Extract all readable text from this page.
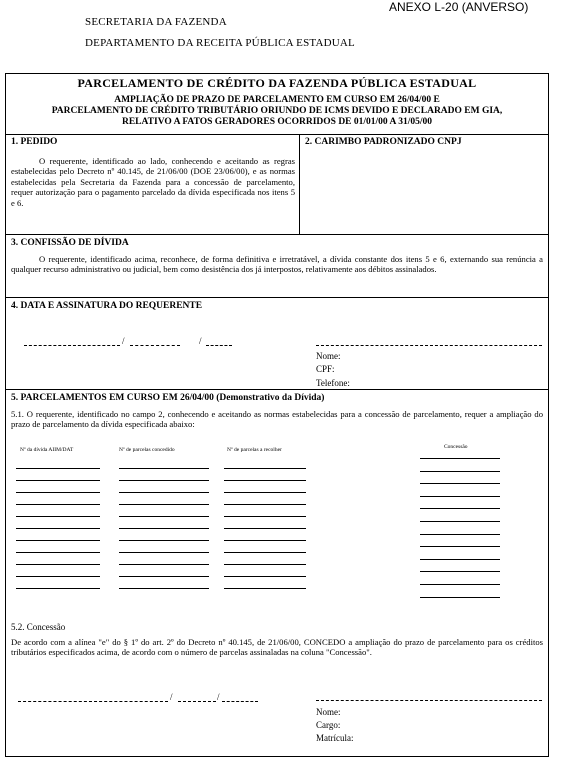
ANEXO L-20 (ANVERSO)
SECRETARIA DA FAZENDA
DEPARTAMENTO DA RECEITA PÚBLICA ESTADUAL
PARCELAMENTO DE CRÉDITO DA FAZENDA PÚBLICA ESTADUAL
AMPLIAÇÃO DE PRAZO DE PARCELAMENTO EM CURSO EM 26/04/00 E
PARCELAMENTO DE CRÉDITO TRIBUTÁRIO ORIUNDO DE ICMS DEVIDO E DECLARADO EM GIA,
RELATIVO A FATOS GERADORES OCORRIDOS DE 01/01/00 A 31/05/00
1. PEDIDO
O requerente, identificado ao lado, conhecendo e aceitando as regras estabelecidas pelo Decreto nº 40.145, de 21/06/00 (DOE 23/06/00), e as normas estabelecidas pela Secretaria da Fazenda para a concessão de parcelamento, requer autorização para o pagamento parcelado da dívida especificada nos itens 5 e 6.
2. CARIMBO PADRONIZADO CNPJ
3. CONFISSÃO DE DÍVIDA
O requerente, identificado acima, reconhece, de forma definitiva e irretratável, a dívida constante dos itens 5 e 6, externando sua renúncia a qualquer recurso administrativo ou judicial, bem como desistência dos já interpostos, relativamente aos débitos assinalados.
4. DATA E ASSINATURA DO REQUERENTE
/	/
Nome:
CPF:
Telefone:
5. PARCELAMENTOS EM CURSO EM 26/04/00 (Demonstrativo da Dívida)
5.1. O requerente, identificado no campo 2, conhecendo e aceitando as normas estabelecidas para a concessão de parcelamento, requer a ampliação do prazo de parcelamento da dívida especificada abaixo:
Nº da dívida AIIM/DAT	Nº de parcelas concedido	Nº de parcelas a recolher	Concessão
5.2. Concessão
De acordo com a alínea "e" do § 1º do art. 2º do Decreto nº 40.145, de 21/06/00, CONCEDO a ampliação do prazo de parcelamento para os créditos tributários especificados acima, de acordo com o número de parcelas assinaladas na coluna "Concessão".
/	/
Nome:
Cargo:
Matrícula:
